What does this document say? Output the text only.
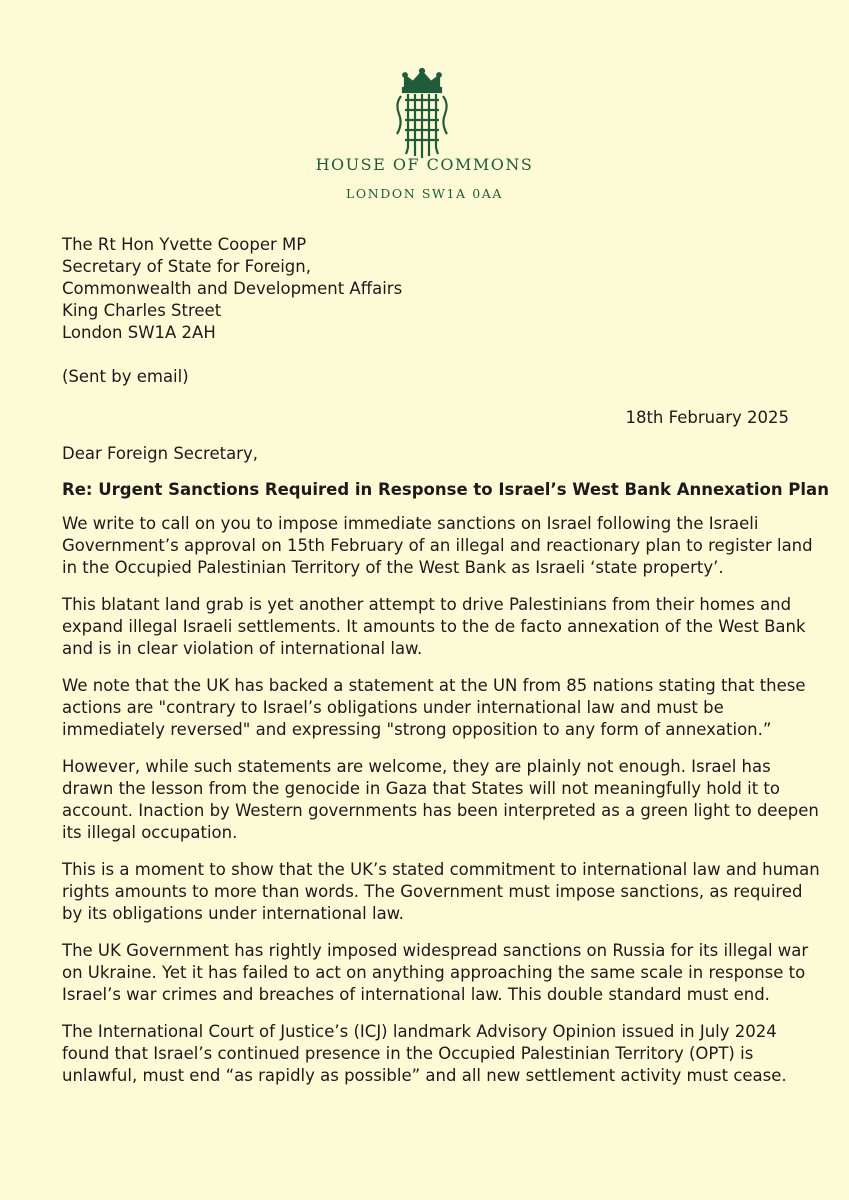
HOUSE OF COMMONS
LONDON SW1A 0AA
The Rt Hon Yvette Cooper MP
Secretary of State for Foreign,
Commonwealth and Development Affairs
King Charles Street
London SW1A 2AH
(Sent by email)
18th February 2025
Dear Foreign Secretary,
Re: Urgent Sanctions Required in Response to Israel’s West Bank Annexation Plan

We write to call on you to impose immediate sanctions on Israel following the Israeli
Government’s approval on 15th February of an illegal and reactionary plan to register land
in the Occupied Palestinian Territory of the West Bank as Israeli ‘state property’.

This blatant land grab is yet another attempt to drive Palestinians from their homes and
expand illegal Israeli settlements. It amounts to the de facto annexation of the West Bank
and is in clear violation of international law.

We note that the UK has backed a statement at the UN from 85 nations stating that these
actions are "contrary to Israel’s obligations under international law and must be
immediately reversed" and expressing "strong opposition to any form of annexation.”

However, while such statements are welcome, they are plainly not enough. Israel has
drawn the lesson from the genocide in Gaza that States will not meaningfully hold it to
account. Inaction by Western governments has been interpreted as a green light to deepen
its illegal occupation.

This is a moment to show that the UK’s stated commitment to international law and human
rights amounts to more than words. The Government must impose sanctions, as required
by its obligations under international law.

The UK Government has rightly imposed widespread sanctions on Russia for its illegal war
on Ukraine. Yet it has failed to act on anything approaching the same scale in response to
Israel’s war crimes and breaches of international law. This double standard must end.

The International Court of Justice’s (ICJ) landmark Advisory Opinion issued in July 2024
found that Israel’s continued presence in the Occupied Palestinian Territory (OPT) is
unlawful, must end “as rapidly as possible” and all new settlement activity must cease.
